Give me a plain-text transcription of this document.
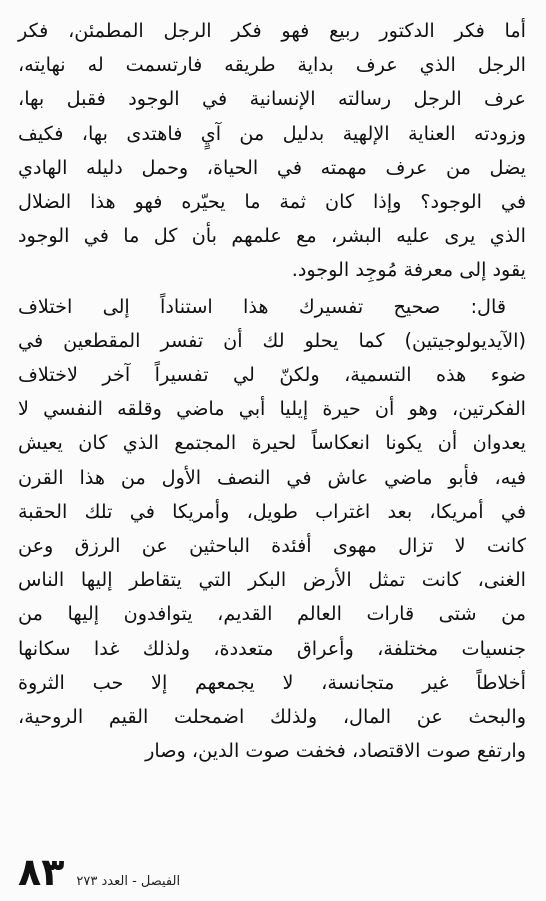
أما فكر الدكتور ربيع فهو فكر الرجل المطمئن، فكر
الرجل الذي عرف بداية طريقه فارتسمت له نهايته،
عرف الرجل رسالته الإنسانية في الوجود فقبل بها،
وزودته العناية الإلهية بدليل من آيٍ فاهتدى بها، فكيف
يضل من عرف مهمته في الحياة، وحمل دليله الهادي
في الوجود؟ وإذا كان ثمة ما يحيّره فهو هذا الضلال
الذي يرى عليه البشر، مع علمهم بأن كل ما في الوجود
يقود إلى معرفة مُوجِد الوجود.
قال: صحيح تفسيرك هذا استناداً إلى اختلاف
(الآيديولوجيتين) كما يحلو لك أن تفسر المقطعين في
ضوء هذه التسمية، ولكنّ لي تفسيراً آخر لاختلاف
الفكرتين، وهو أن حيرة إيليا أبي ماضي وقلقه النفسي لا
يعدوان أن يكونا انعكاساً لحيرة المجتمع الذي كان يعيش
فيه، فأبو ماضي عاش في النصف الأول من هذا القرن
في أمريكا، بعد اغتراب طويل، وأمريكا في تلك الحقبة
كانت لا تزال مهوى أفئدة الباحثين عن الرزق وعن
الغنى، كانت تمثل الأرض البكر التي يتقاطر إليها الناس
من شتى قارات العالم القديم، يتوافدون إليها من
جنسيات مختلفة، وأعراق متعددة، ولذلك غدا سكانها
أخلاطاً غير متجانسة، لا يجمعهم إلا حب الثروة
والبحث عن المال، ولذلك اضمحلت القيم الروحية،
وارتفع صوت الاقتصاد، فخفت صوت الدين، وصار
٨٣ الفيصل - العدد ٢٧٣
